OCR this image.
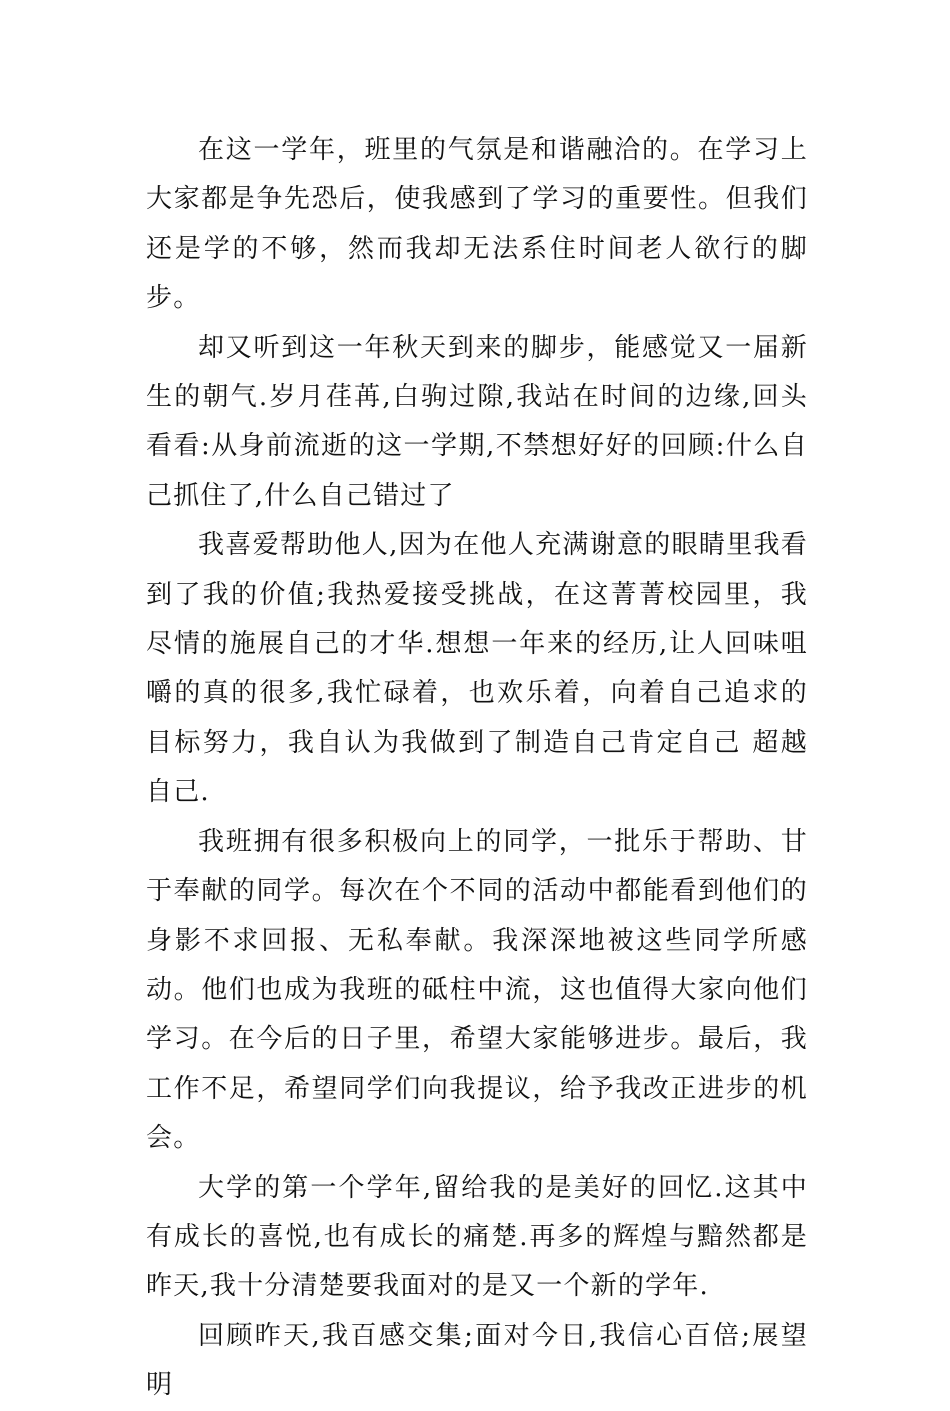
在这一学年，班里的气氛是和谐融洽的。在学习上大家都是争先恐后，使我感到了学习的重要性。但我们还是学的不够，然而我却无法系住时间老人欲行的脚步。

却又听到这一年秋天到来的脚步，能感觉又一届新生的朝气.岁月荏苒,白驹过隙,我站在时间的边缘,回头看看:从身前流逝的这一学期,不禁想好好的回顾:什么自己抓住了,什么自己错过了

我喜爱帮助他人,因为在他人充满谢意的眼睛里我看到了我的价值;我热爱接受挑战，在这菁菁校园里，我尽情的施展自己的才华.想想一年来的经历,让人回味咀嚼的真的很多,我忙碌着，也欢乐着，向着自己追求的目标努力，我自认为我做到了制造自己肯定自己 超越自己.

我班拥有很多积极向上的同学，一批乐于帮助、甘于奉献的同学。每次在个不同的活动中都能看到他们的身影不求回报、无私奉献。我深深地被这些同学所感动。他们也成为我班的砥柱中流，这也值得大家向他们学习。在今后的日子里，希望大家能够进步。最后，我工作不足，希望同学们向我提议，给予我改正进步的机会。

大学的第一个学年,留给我的是美好的回忆.这其中有成长的喜悦,也有成长的痛楚.再多的辉煌与黯然都是昨天,我十分清楚要我面对的是又一个新的学年.

回顾昨天,我百感交集;面对今日,我信心百倍;展望明
